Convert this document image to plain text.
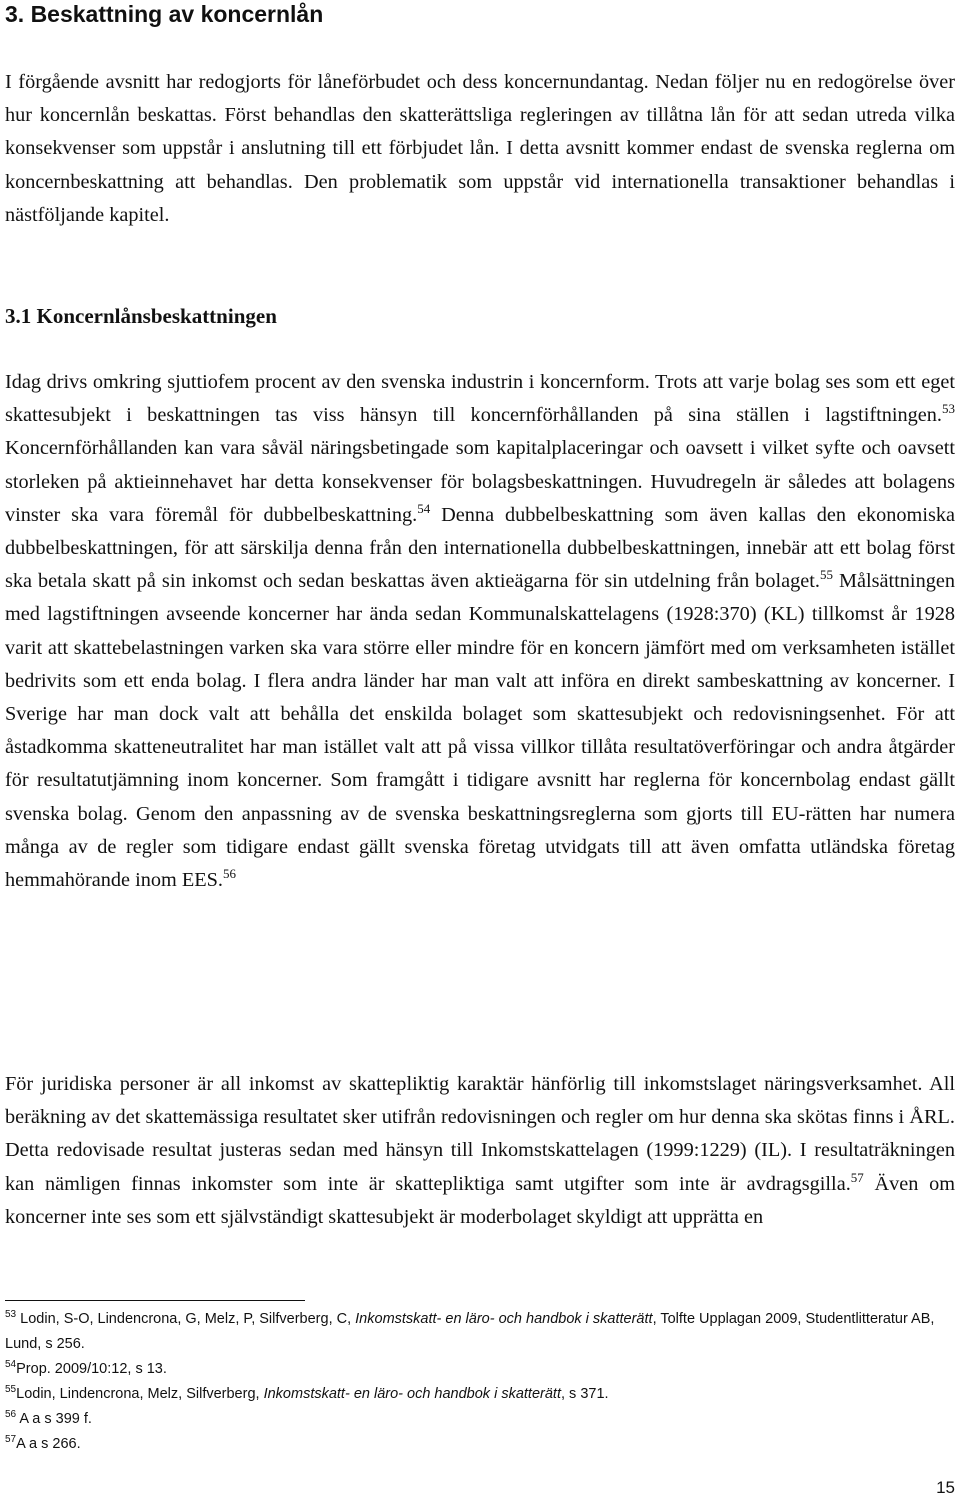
3. Beskattning av koncernlån
I förgående avsnitt har redogjorts för låneförbudet och dess koncernundantag. Nedan följer nu en redogörelse över hur koncernlån beskattas. Först behandlas den skatterättsliga regleringen av tillåtna lån för att sedan utreda vilka konsekvenser som uppstår i anslutning till ett förbjudet lån. I detta avsnitt kommer endast de svenska reglerna om koncernbeskattning att behandlas. Den problematik som uppstår vid internationella transaktioner behandlas i nästföljande kapitel.
3.1 Koncernlånsbeskattningen
Idag drivs omkring sjuttiofem procent av den svenska industrin i koncernform. Trots att varje bolag ses som ett eget skattesubjekt i beskattningen tas viss hänsyn till koncernförhållanden på sina ställen i lagstiftningen.$^{53}$ Koncernförhållanden kan vara såväl näringsbetingade som kapitalplaceringar och oavsett i vilket syfte och oavsett storleken på aktieinnehavet har detta konsekvenser för bolagsbeskattningen. Huvudregeln är således att bolagens vinster ska vara föremål för dubbelbeskattning.$^{54}$ Denna dubbelbeskattning som även kallas den ekonomiska dubbelbeskattningen, för att särskilja denna från den internationella dubbelbeskattningen, innebär att ett bolag först ska betala skatt på sin inkomst och sedan beskattas även aktieägarna för sin utdelning från bolaget.$^{55}$ Målsättningen med lagstiftningen avseende koncerner har ända sedan Kommunalskattelagens (1928:370) (KL) tillkomst år 1928 varit att skattebelastningen varken ska vara större eller mindre för en koncern jämfört med om verksamheten istället bedrivits som ett enda bolag. I flera andra länder har man valt att införa en direkt sambeskattning av koncerner. I Sverige har man dock valt att behålla det enskilda bolaget som skattesubjekt och redovisningsenhet. För att åstadkomma skatteneutralitet har man istället valt att på vissa villkor tillåta resultatöverföringar och andra åtgärder för resultatutjämning inom koncerner. Som framgått i tidigare avsnitt har reglerna för koncernbolag endast gällt svenska bolag. Genom den anpassning av de svenska beskattningsreglerna som gjorts till EU-rätten har numera många av de regler som tidigare endast gällt svenska företag utvidgats till att även omfatta utländska företag hemmahörande inom EES.$^{56}$
För juridiska personer är all inkomst av skattepliktig karaktär hänförlig till inkomstslaget näringsverksamhet. All beräkning av det skattemässiga resultatet sker utifrån redovisningen och regler om hur denna ska skötas finns i ÅRL. Detta redovisade resultat justeras sedan med hänsyn till Inkomstskattelagen (1999:1229) (IL). I resultaträkningen kan nämligen finnas inkomster som inte är skattepliktiga samt utgifter som inte är avdragsgilla.$^{57}$ Även om koncerner inte ses som ett självständigt skattesubjekt är moderbolaget skyldigt att upprätta en
$^{53}$ Lodin, S-O, Lindencrona, G, Melz, P, Silfverberg, C, Inkomstskatt- en läro- och handbok i skatterätt, Tolfte Upplagan 2009, Studentlitteratur AB, Lund, s 256.
$^{54}$Prop. 2009/10:12, s 13.
$^{55}$Lodin, Lindencrona, Melz, Silfverberg, Inkomstskatt- en läro- och handbok i skatterätt, s 371.
$^{56}$ A a s 399 f.
$^{57}$A a s 266.
15
